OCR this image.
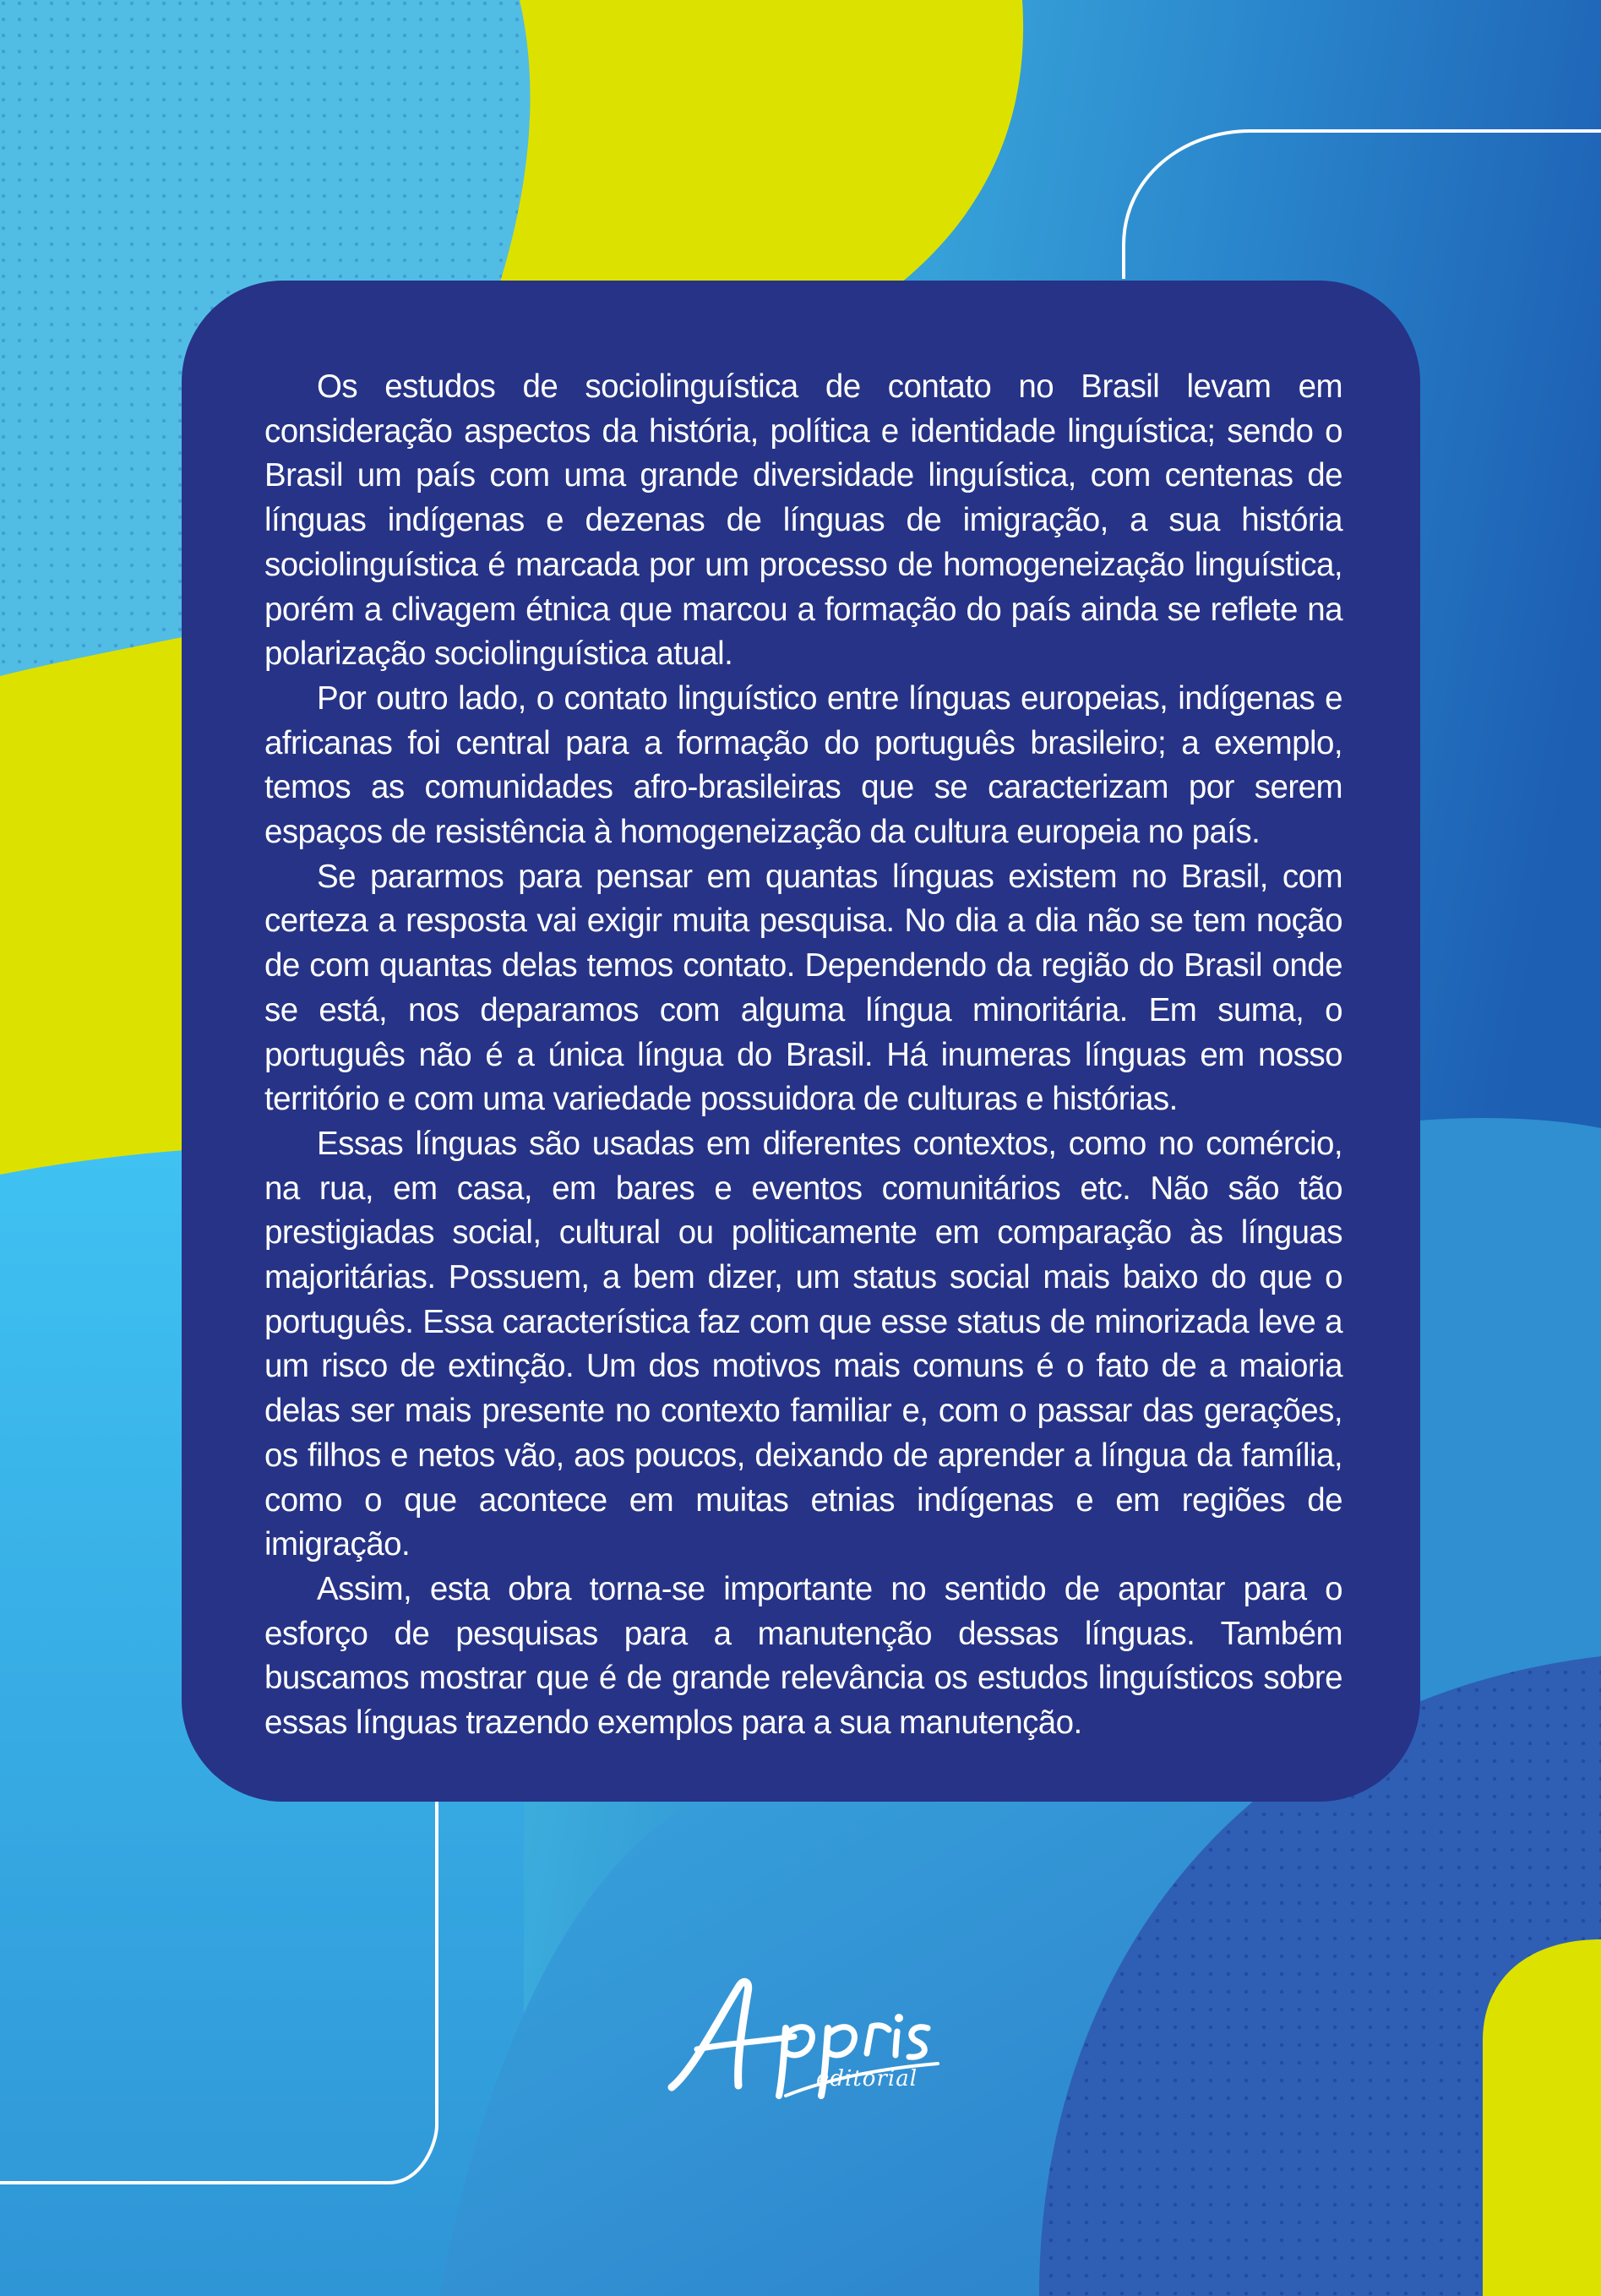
Os estudos de sociolinguística de contato no Brasil levam em consideração aspectos da história, política e identidade linguística; sendo o Brasil um país com uma grande diversidade linguística, com centenas de línguas indígenas e dezenas de línguas de imigração, a sua história sociolinguística é marcada por um processo de homogeneização linguística, porém a clivagem étnica que marcou a formação do país ainda se reflete na polarização sociolinguística atual.

Por outro lado, o contato linguístico entre línguas europeias, indígenas e africanas foi central para a formação do português brasileiro; a exemplo, temos as comunidades afro-brasileiras que se caracterizam por serem espaços de resistência à homogeneização da cultura europeia no país.

Se pararmos para pensar em quantas línguas existem no Brasil, com certeza a resposta vai exigir muita pesquisa. No dia a dia não se tem noção de com quantas delas temos contato. Dependendo da região do Brasil onde se está, nos deparamos com alguma língua minoritária. Em suma, o português não é a única língua do Brasil. Há inumeras línguas em nosso território e com uma variedade possuidora de culturas e histórias.

Essas línguas são usadas em diferentes contextos, como no comércio, na rua, em casa, em bares e eventos comunitários etc. Não são tão prestigiadas social, cultural ou politicamente em comparação às línguas majoritárias. Possuem, a bem dizer, um status social mais baixo do que o português. Essa característica faz com que esse status de minorizada leve a um risco de extinção. Um dos motivos mais comuns é o fato de a maioria delas ser mais presente no contexto familiar e, com o passar das gerações, os filhos e netos vão, aos poucos, deixando de aprender a língua da família, como o que acontece em muitas etnias indígenas e em regiões de imigração.

Assim, esta obra torna-se importante no sentido de apontar para o esforço de pesquisas para a manutenção dessas línguas. Também buscamos mostrar que é de grande relevância os estudos linguísticos sobre essas línguas trazendo exemplos para a sua manutenção.

editorial
